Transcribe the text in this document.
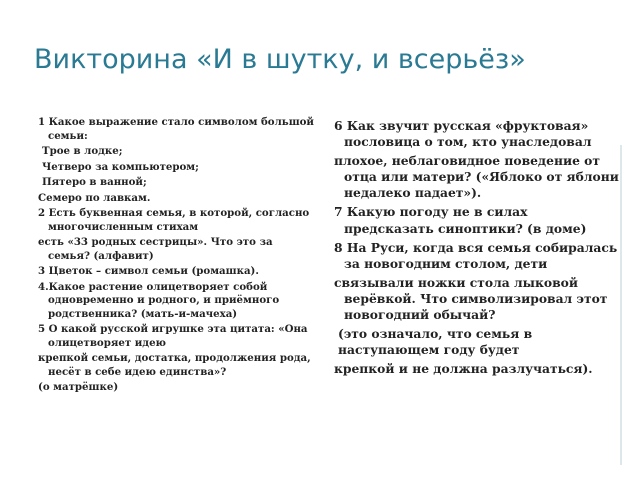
Викторина «И в шутку, и всерьёз»

1 Какое выражение стало символом большой семьи:

Трое в лодке;

Четверо за компьютером;

Пятеро в ванной;

Семеро по лавкам.

2 Есть буквенная семья, в которой, согласно многочисленным стихам

есть «33 родных сестрицы». Что это за семья? (алфавит)

3 Цветок – символ семьи (ромашка).

4.Какое растение олицетворяет собой одновременно и родного, и приёмного родственника? (мать-и-мачеха)

5 О какой русской игрушке эта цитата: «Она олицетворяет идею

крепкой семьи, достатка, продолжения рода, несёт в себе идею единства»?

(о матрёшке)

6 Как звучит русская «фруктовая» пословица о том, кто унаследовал

плохое, неблаговидное поведение от отца или матери? («Яблоко от яблони недалеко падает»).

7 Какую погоду не в силах предсказать синоптики? (в доме)

8 На Руси, когда вся семья собиралась за новогодним столом, дети

связывали ножки стола лыковой верёвкой. Что символизировал этот новогодний обычай?

(это означало, что семья в наступающем году будет

крепкой и не должна разлучаться).
